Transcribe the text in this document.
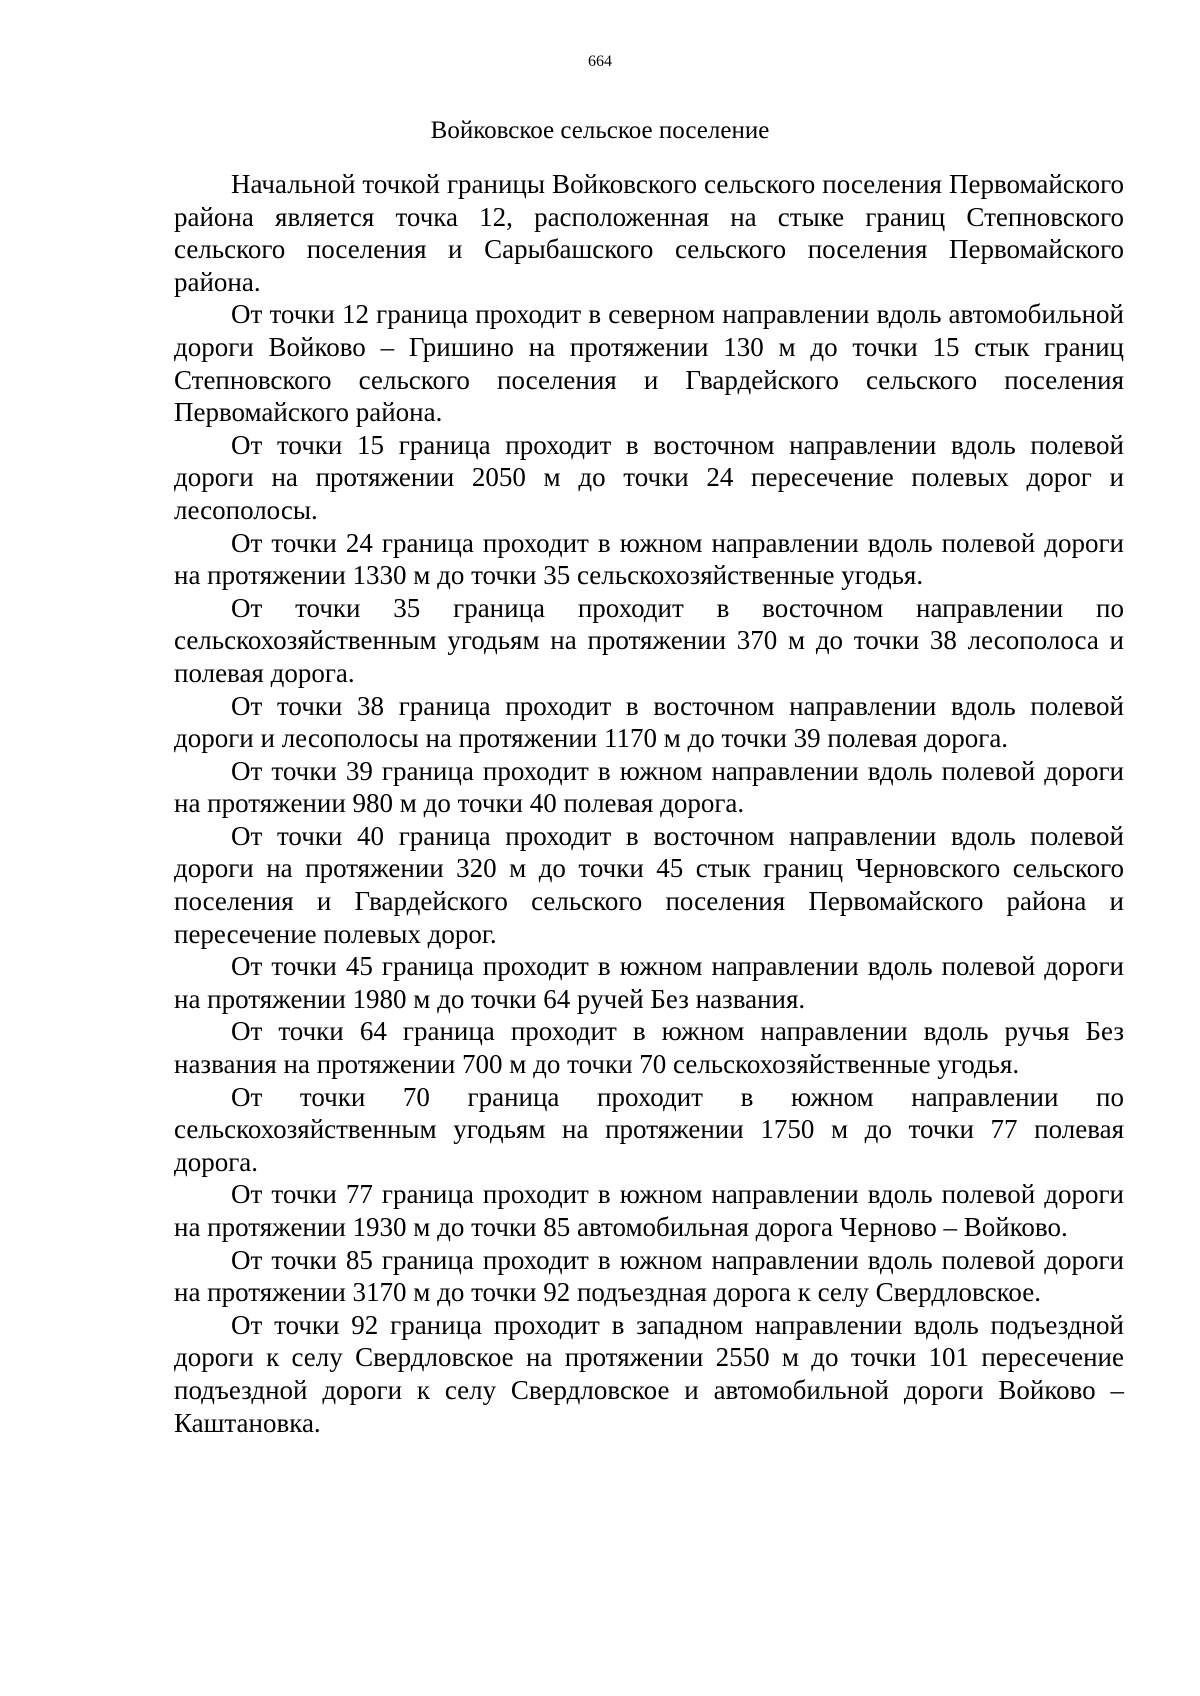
664
Войковское сельское поселение

Начальной точкой границы Войковского сельского поселения Первомайского района является точка 12, расположенная на стыке границ Степновского сельского поселения и Сарыбашского сельского поселения Первомайского района.

От точки 12 граница проходит в северном направлении вдоль автомобильной дороги Войково – Гришино на протяжении 130 м до точки 15 стык границ Степновского сельского поселения и Гвардейского сельского поселения Первомайского района.

От точки 15 граница проходит в восточном направлении вдоль полевой дороги на протяжении 2050 м до точки 24 пересечение полевых дорог и лесополосы.

От точки 24 граница проходит в южном направлении вдоль полевой дороги на протяжении 1330 м до точки 35 сельскохозяйственные угодья.

От точки 35 граница проходит в восточном направлении по сельскохозяйственным угодьям на протяжении 370 м до точки 38 лесополоса и полевая дорога.

От точки 38 граница проходит в восточном направлении вдоль полевой дороги и лесополосы на протяжении 1170 м до точки 39 полевая дорога.

От точки 39 граница проходит в южном направлении вдоль полевой дороги на протяжении 980 м до точки 40 полевая дорога.

От точки 40 граница проходит в восточном направлении вдоль полевой дороги на протяжении 320 м до точки 45 стык границ Черновского сельского поселения и Гвардейского сельского поселения Первомайского района и пересечение полевых дорог.

От точки 45 граница проходит в южном направлении вдоль полевой дороги на протяжении 1980 м до точки 64 ручей Без названия.

От точки 64 граница проходит в южном направлении вдоль ручья Без названия на протяжении 700 м до точки 70 сельскохозяйственные угодья.

От точки 70 граница проходит в южном направлении по сельскохозяйственным угодьям на протяжении 1750 м до точки 77 полевая дорога.

От точки 77 граница проходит в южном направлении вдоль полевой дороги на протяжении 1930 м до точки 85 автомобильная дорога Черново – Войково.

От точки 85 граница проходит в южном направлении вдоль полевой дороги на протяжении 3170 м до точки 92 подъездная дорога к селу Свердловское.

От точки 92 граница проходит в западном направлении вдоль подъездной дороги к селу Свердловское на протяжении 2550 м до точки 101 пересечение подъездной дороги к селу Свердловское и автомобильной дороги Войково – Каштановка.
